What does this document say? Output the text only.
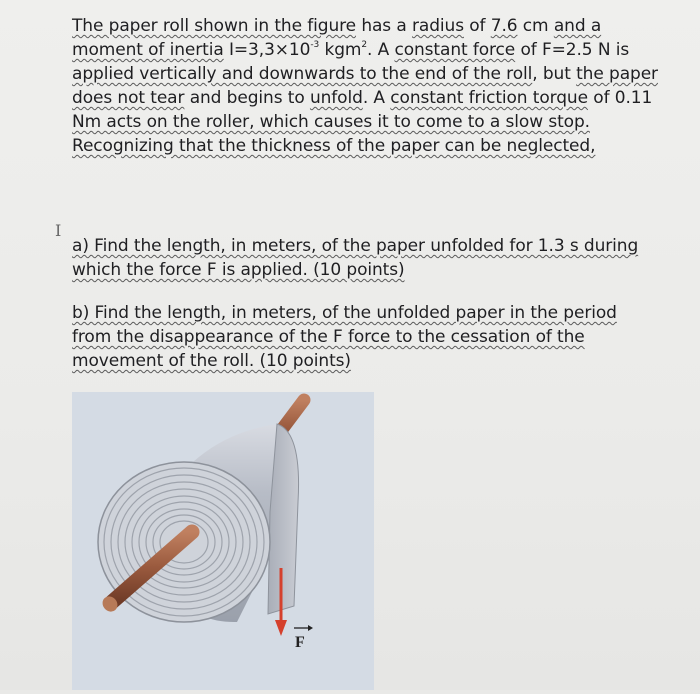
The paper roll shown in the figure has a radius of 7.6 cm and a
moment of inertia $I=3,3\times 10^{-3}$ kgm$^2$. A constant force of F=2.5 N is
applied vertically and downwards to the end of the roll, but the paper
does not tear and begins to unfold. A constant friction torque of 0.11
Nm acts on the roller, which causes it to come to a slow stop.
Recognizing that the thickness of the paper can be neglected,
I
a) Find the length, in meters, of the paper unfolded for 1.3 s during
which the force F is applied. (10 points)
b) Find the length, in meters, of the unfolded paper in the period
from the disappearance of the F force to the cessation of the
movement of the roll. (10 points)
F
